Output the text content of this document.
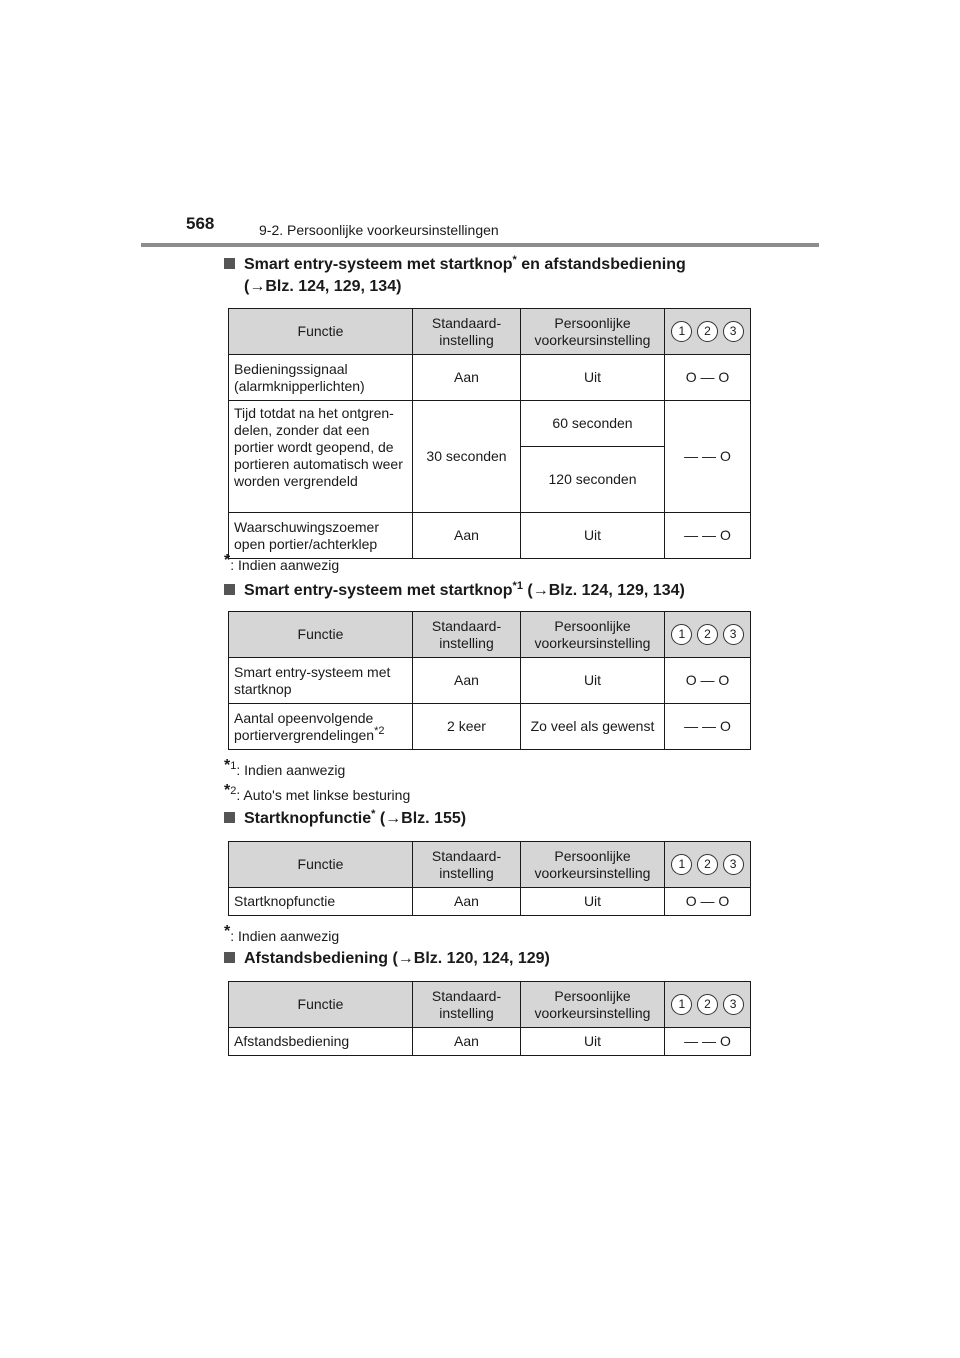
568	9-2. Persoonlijke voorkeursinstellingen
Smart entry-systeem met startknop* en afstandsbediening
(→Blz. 124, 129, 134)
Functie	Standaard-instelling	Persoonlijke voorkeursinstelling	1 2 3

Bedieningssignaal (alarmknipperlichten)	Aan	Uit	O — O
Tijd totdat na het ontgren-delen, zonder dat een portier wordt geopend, de portieren automatisch weer worden vergrendeld	30 seconden	60 seconden	— — O
		120 seconden	
Waarschuwingszoemer open portier/achterklep	Aan	Uit	— — O
*: Indien aanwezig
Smart entry-systeem met startknop$^{*1}$ (→Blz. 124, 129, 134)
Functie	Standaard-instelling	Persoonlijke voorkeursinstelling	1 2 3

Smart entry-systeem met startknop	Aan	Uit	O — O
Aantal opeenvolgende portiervergrendelingen$^{*2}$	2 keer	Zo veel als gewenst	— — O
*$^1$: Indien aanwezig
*$^2$: Auto's met linkse besturing
Startknopfunctie* (→Blz. 155)
Functie	Standaard-instelling	Persoonlijke voorkeursinstelling	1 2 3

Startknopfunctie	Aan	Uit	O — O
*: Indien aanwezig
Afstandsbediening (→Blz. 120, 124, 129)
Functie	Standaard-instelling	Persoonlijke voorkeursinstelling	1 2 3

Afstandsbediening	Aan	Uit	— — O
